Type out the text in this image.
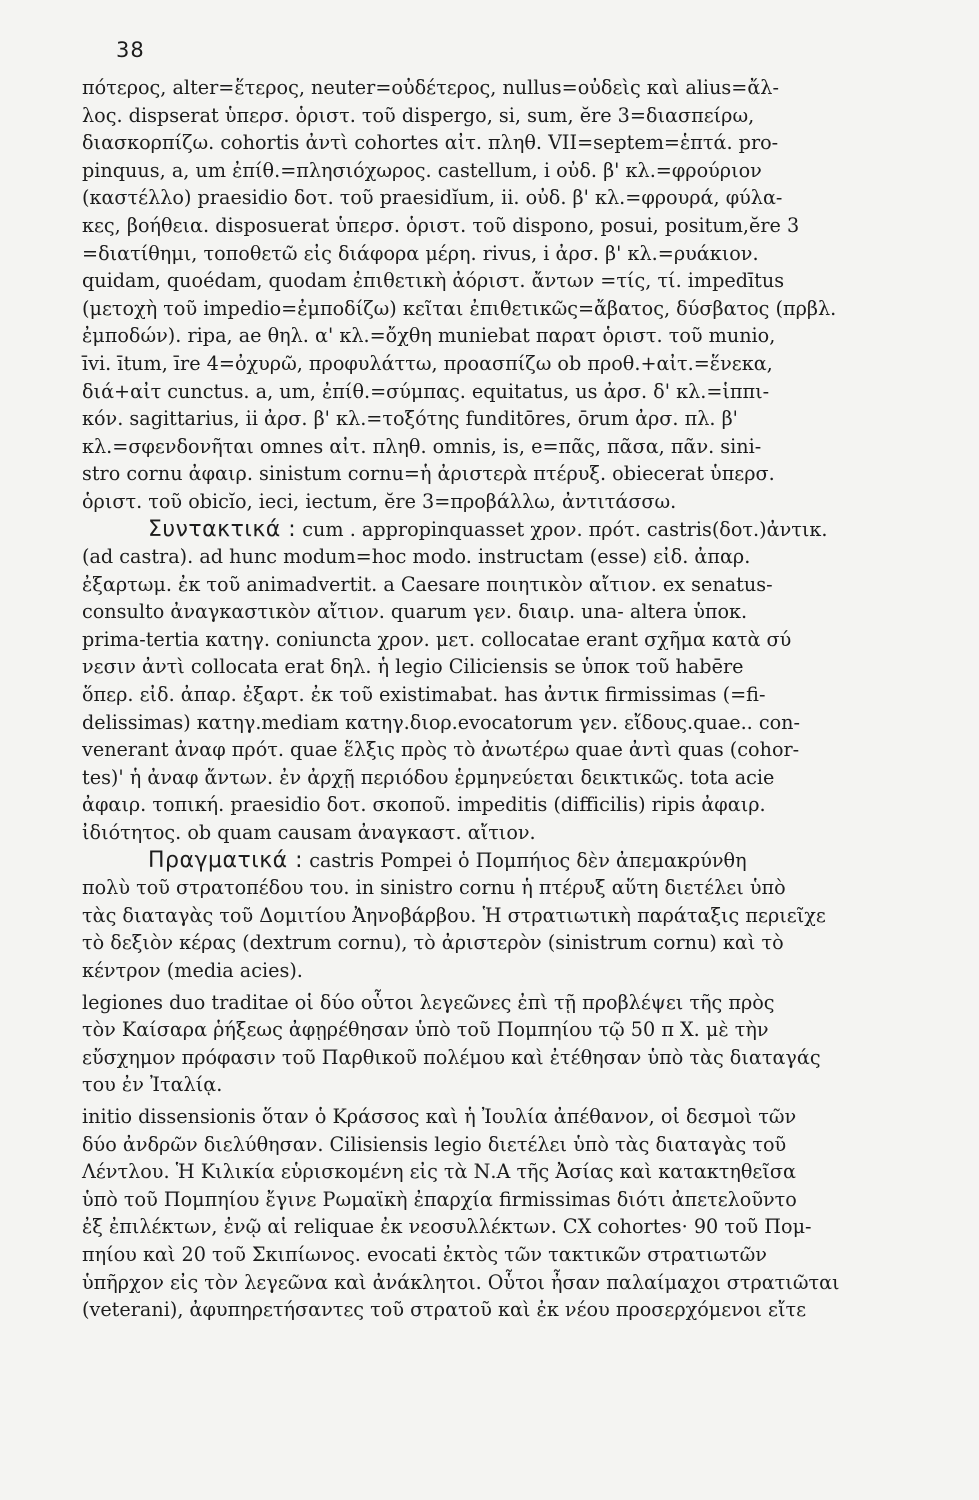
38
πότερος, alter=ἕτερος, neuter=οὐδέτερος, nullus=οὐδεὶς καὶ alius=ἄλ-
λος. dispserat ὑπερσ. ὁριστ. τοῦ dispergo, si, sum, ĕre 3=διασπείρω,
διασκορπίζω. cohortis ἀντὶ cohortes αἰτ. πληθ. VII=septem=ἑπτά. pro-
pinquus, a, um ἐπίθ.=πλησιόχωρος. castellum, i οὐδ. β' κλ.=φρούριον
(καστέλλο) praesidio δοτ. τοῦ praesidĭum, ii. οὐδ. β' κλ.=φρουρά, φύλα-
κες, βοήθεια. disposuerat ὑπερσ. ὁριστ. τοῦ dispono, posui, positum,ĕre 3
=διατίθημι, τοποθετῶ εἰς διάφορα μέρη. rivus, i ἀρσ. β' κλ.=ρυάκιον.
quidam, quoédam, quodam ἐπιθετικὴ ἀόριστ. ἄντων =τίς, τί. impedītus
(μετοχὴ τοῦ impedio=ἐμποδίζω) κεῖται ἐπιθετικῶς=ἄβατος, δύσβατος (πρβλ.
ἐμποδών). ripa, ae θηλ. α' κλ.=ὄχθη muniebat παρατ ὁριστ. τοῦ munio,
īvi. ītum, īre 4=ὀχυρῶ, προφυλάττω, προασπίζω ob προθ.+αἰτ.=ἕνεκα,
διά+αἰτ cunctus. a, um, ἐπίθ.=σύμπας. equitatus, us ἀρσ. δ' κλ.=ἱππι-
κόν. sagittarius, ii ἀρσ. β' κλ.=τοξότης funditōres, ōrum ἀρσ. πλ. β'
κλ.=σφενδονῆται omnes αἰτ. πληθ. omnis, is, e=πᾶς, πᾶσα, πᾶν. sini-
stro cornu ἀφαιρ. sinistum cornu=ἡ ἀριστερὰ πτέρυξ. obiecerat ὑπερσ.
ὁριστ. τοῦ obicĭo, ieci, iectum, ĕre 3=προβάλλω, ἀντιτάσσω.
Συντακτικά : cum . appropinquasset χρον. πρότ. castris(δοτ.)ἀντικ.
(ad castra). ad hunc modum=hoc modo. instructam (esse) εἰδ. ἀπαρ.
ἐξαρτωμ. ἐκ τοῦ animadvertit. a Caesare ποιητικὸν αἴτιον. ex senatus-
consulto ἀναγκαστικὸν αἴτιον. quarum γεν. διαιρ. una- altera ὑποκ.
prima-tertia κατηγ. coniuncta χρον. μετ. collocatae erant σχῆμα κατὰ σύ
νεσιν ἀντὶ collocata erat δηλ. ἡ legio Ciliciensis se ὑποκ τοῦ habēre
ὅπερ. εἰδ. ἀπαρ. ἐξαρτ. ἐκ τοῦ existimabat. has ἀντικ firmissimas (=fi-
delissimas) κατηγ.mediam κατηγ.διορ.evocatorum γεν. εἴδους.quae.. con-
venerant ἀναφ πρότ. quae ἕλξις πρὸς τὸ ἀνωτέρω quae ἀντὶ quas (cohor-
tes)' ἡ ἀναφ ἄντων. ἐν ἀρχῇ περιόδου ἑρμηνεύεται δεικτικῶς. tota acie
ἀφαιρ. τοπική. praesidio δοτ. σκοποῦ. impeditis (difficilis) ripis ἀφαιρ.
ἰδιότητος. ob quam causam ἀναγκαστ. αἴτιον.
Πραγματικά : castris Pompei ὁ Πομπήιος δὲν ἀπεμακρύνθη
πολὺ τοῦ στρατοπέδου του. in sinistro cornu ἡ πτέρυξ αὕτη διετέλει ὑπὸ
τὰς διαταγὰς τοῦ Δομιτίου Ἀηνοβάρβου. Ἡ στρατιωτικὴ παράταξις περιεῖχε
τὸ δεξιὸν κέρας (dextrum cornu), τὸ ἀριστερὸν (sinistrum cornu) καὶ τὸ
κέντρον (media acies).
legiones duo traditae οἱ δύο οὗτοι λεγεῶνες ἐπὶ τῇ προβλέψει τῆς πρὸς
τὸν Καίσαρα ῥήξεως ἀφῃρέθησαν ὑπὸ τοῦ Πομπηίου τῷ 50 π Χ. μὲ τὴν
εὔσχημον πρόφασιν τοῦ Παρθικοῦ πολέμου καὶ ἐτέθησαν ὑπὸ τὰς διαταγάς
του ἐν Ἰταλίᾳ.
initio dissensionis ὅταν ὁ Κράσσος καὶ ἡ Ἰουλία ἀπέθανον, οἱ δεσμοὶ τῶν
δύο ἀνδρῶν διελύθησαν. Cilisiensis legio διετέλει ὑπὸ τὰς διαταγὰς τοῦ
Λέντλου. Ἡ Κιλικία εὑρισκομένη εἰς τὰ Ν.Α τῆς Ἀσίας καὶ κατακτηθεῖσα
ὑπὸ τοῦ Πομπηίου ἔγινε Ρωμαϊκὴ ἐπαρχία firmissimas διότι ἀπετελοῦντο
ἐξ ἐπιλέκτων, ἐνῷ αἱ reliquae ἐκ νεοσυλλέκτων. CX cohortes· 90 τοῦ Πομ-
πηίου καὶ 20 τοῦ Σκιπίωνος. evocati ἐκτὸς τῶν τακτικῶν στρατιωτῶν
ὑπῆρχον εἰς τὸν λεγεῶνα καὶ ἀνάκλητοι. Οὗτοι ἦσαν παλαίμαχοι στρατιῶται
(veterani), ἀφυπηρετήσαντες τοῦ στρατοῦ καὶ ἐκ νέου προσερχόμενοι εἴτε
